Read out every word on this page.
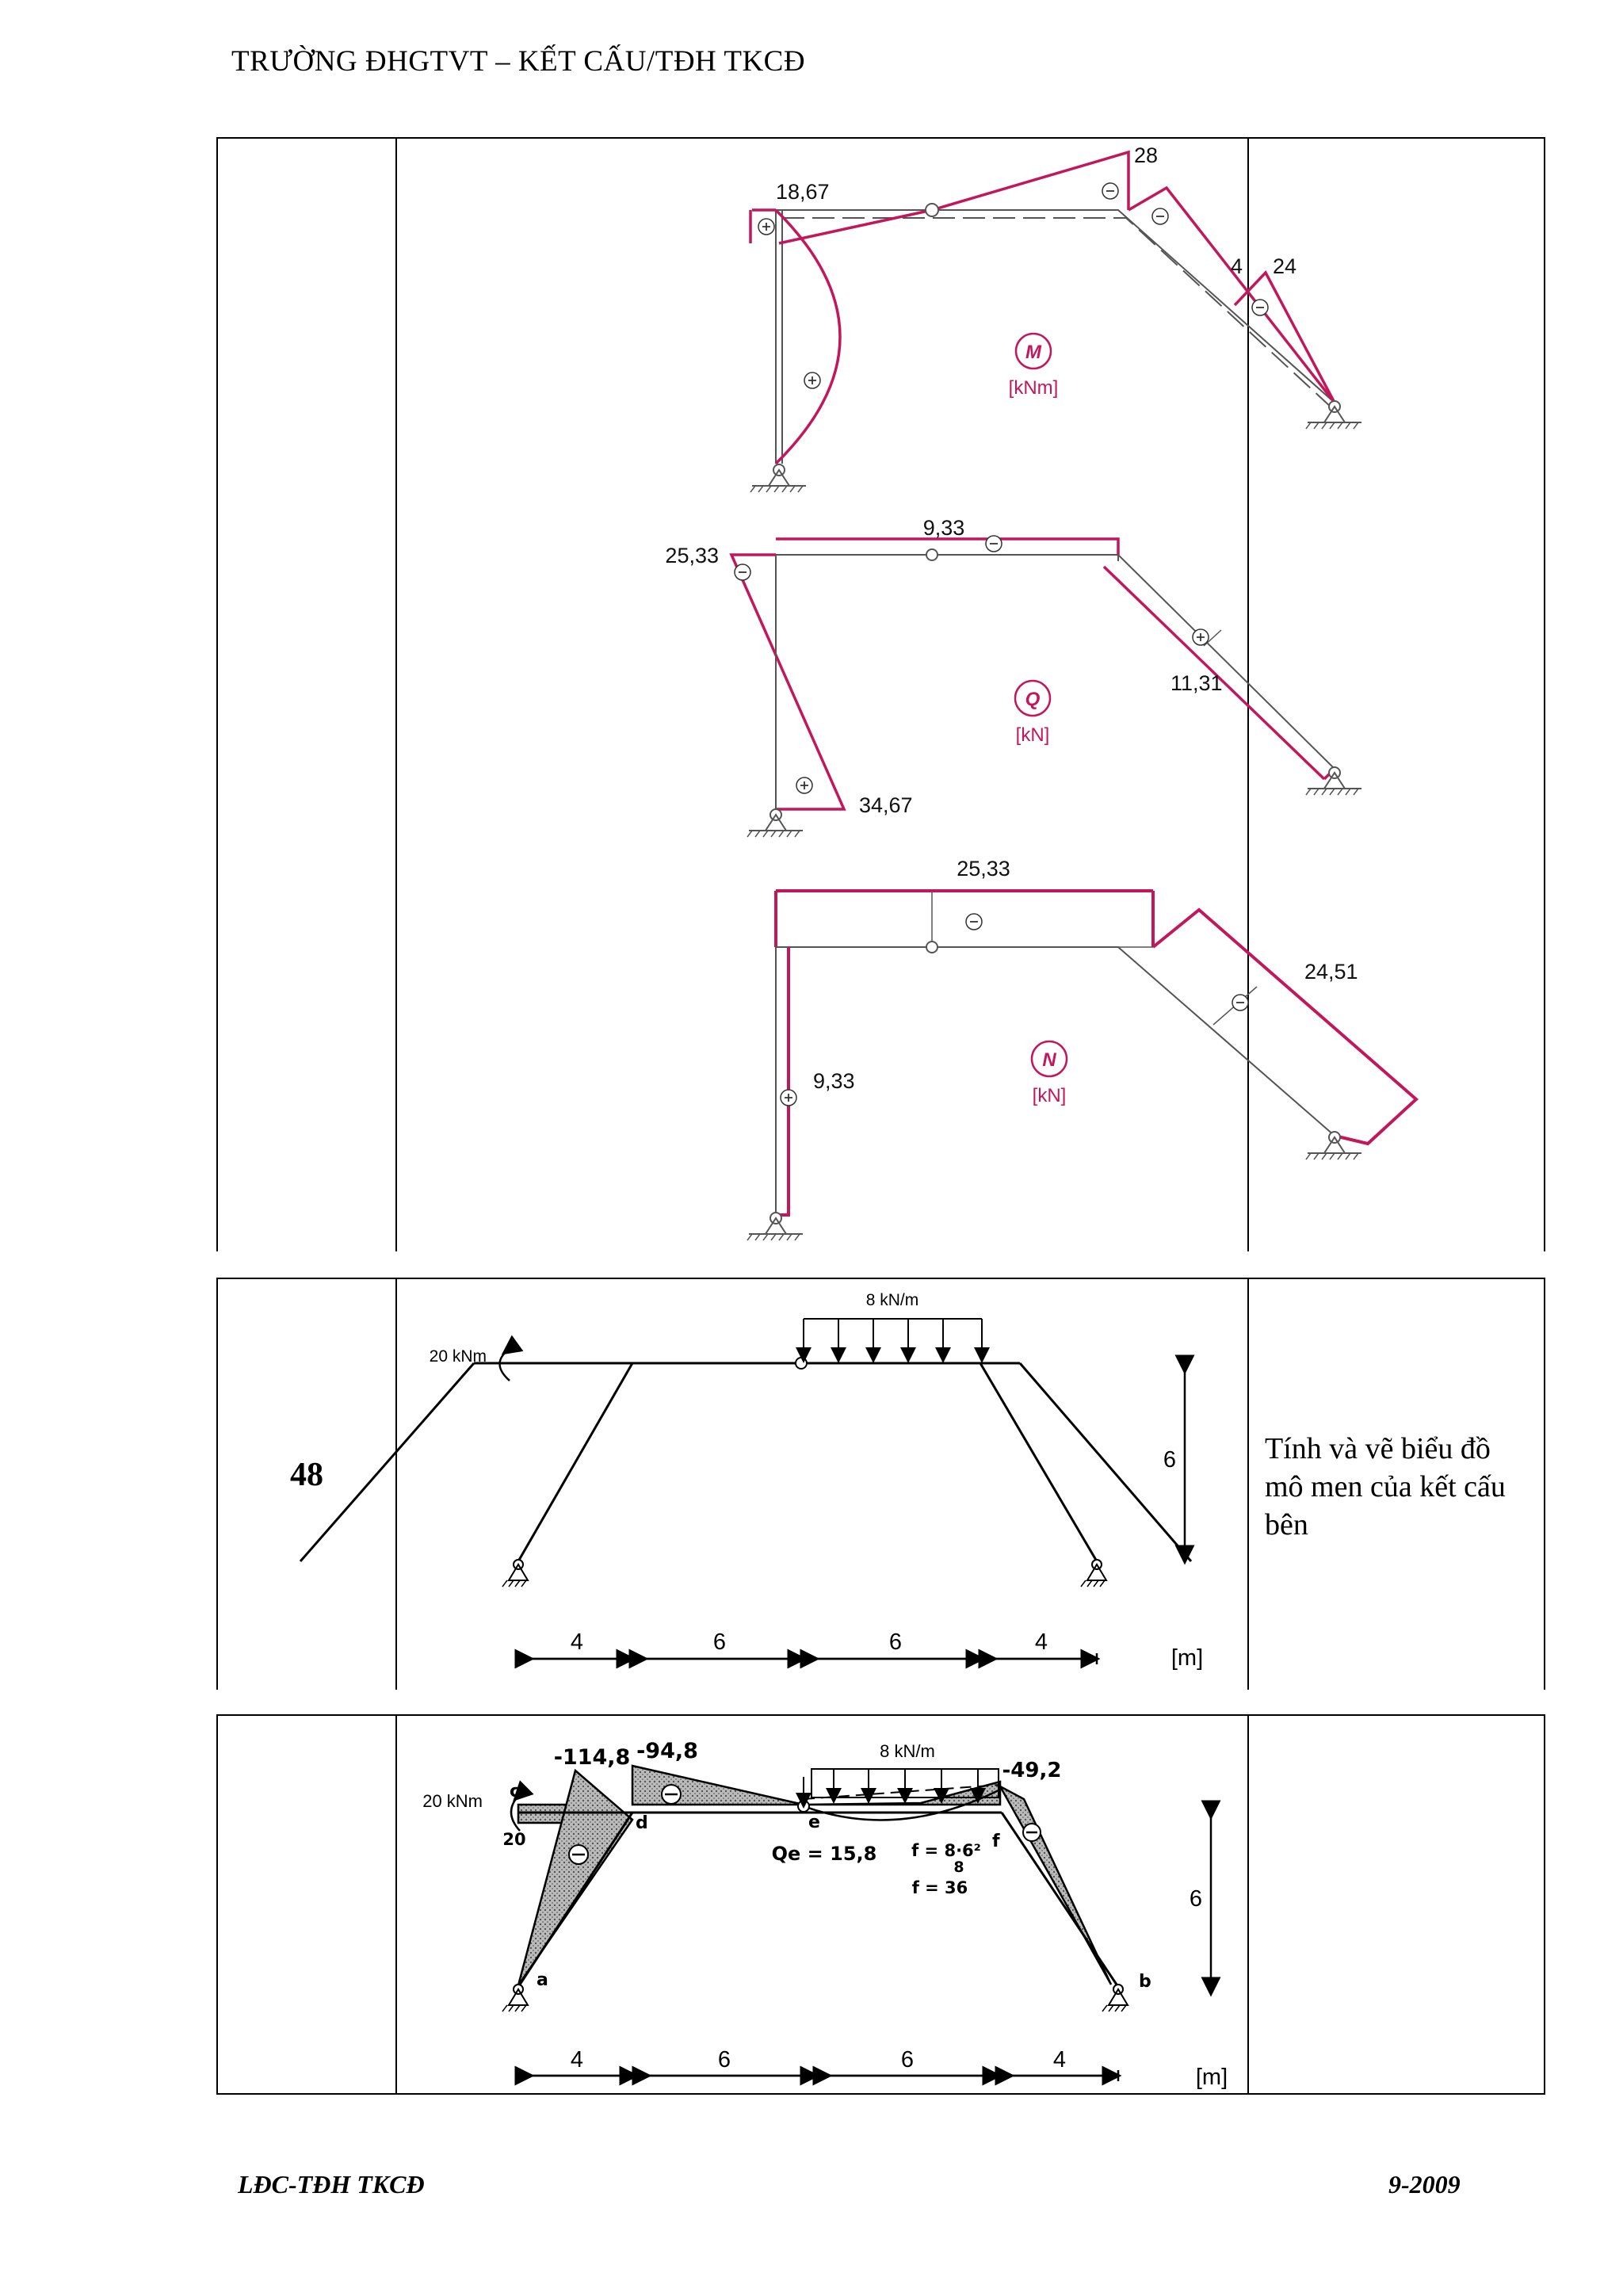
TRƯỜNG ĐHGTVT – KẾT CẤU/TĐH TKCĐ
18,67
28
4 24
M
[kNm]
9,33
25,33
34,67
11,31
Q
[kN]
25,33
9,33
24,51
N
[kN]
48
8 kN/m
20 kNm
6
4	6	6	4
[m]
Tính và vẽ biểu đồ mô men của kết cấu bên
8 kN/m
20 kNm
-114,8 -94,8
-49,2
20
Qe = 15,8 f = 8·6²
8
f = 36
a	b
c
d	e
f
6
4	6	6	4
[m]
LĐC-TĐH TKCĐ	9-2009
